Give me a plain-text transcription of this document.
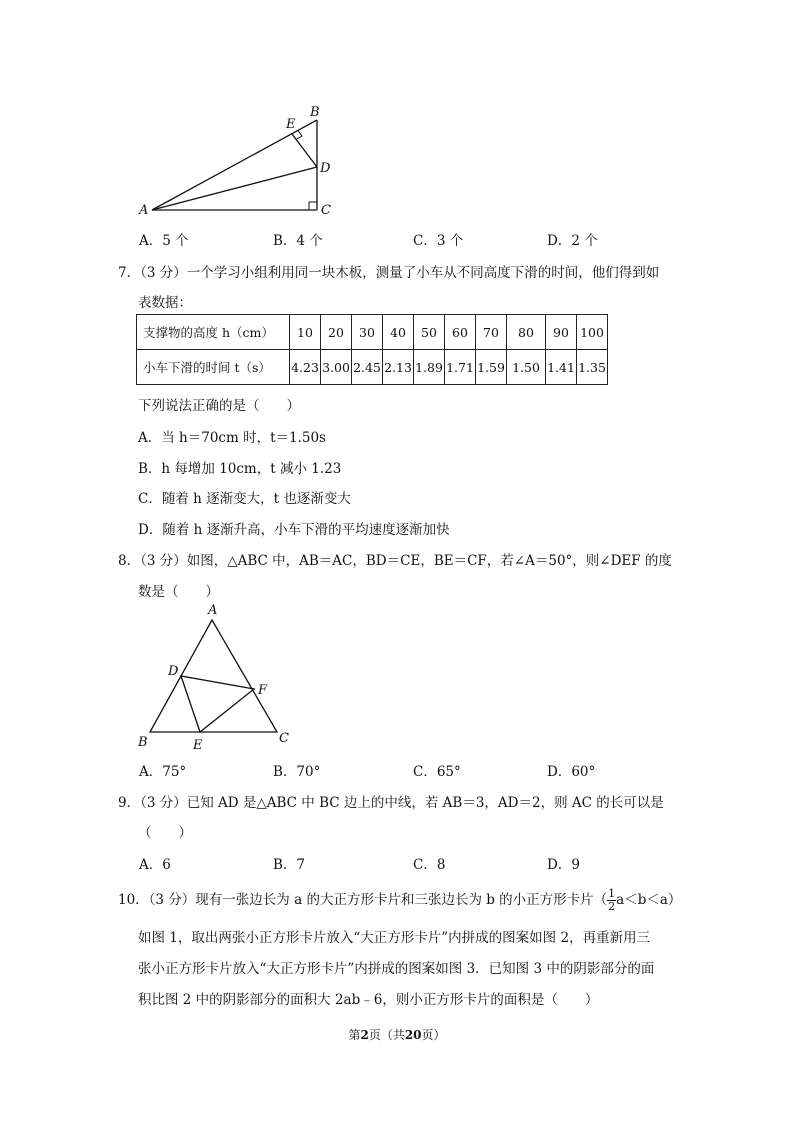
A
B
C
D
E
A．5 个	B．4 个	C．3 个	D．2 个
7．（3 分）一个学习小组利用同一块木板，测量了小车从不同高度下滑的时间，他们得到如
表数据：
支撑物的高度 h（cm）	10	20	30	40	50	60	70	80	90	100
小车下滑的时间 t（s）	4.23	3.00	2.45	2.13	1.89	1.71	1.59	1.50	1.41	1.35
下列说法正确的是（　　）
A．当 h＝70cm 时，t＝1.50s
B．h 每增加 10cm，t 减小 1.23
C．随着 h 逐渐变大，t 也逐渐变大
D．随着 h 逐渐升高，小车下滑的平均速度逐渐加快
8．（3 分）如图，△ABC 中，AB＝AC，BD＝CE，BE＝CF，若∠A＝50°，则∠DEF 的度
数是（　　）
A
B	C
D
E
F
A．75°	B．70°	C．65°	D．60°
9．（3 分）已知 AD 是△ABC 中 BC 边上的中线，若 AB＝3，AD＝2，则 AC 的长可以是
（　　）
A．6	B．7	C．8	D．9
10．（3 分）现有一张边长为 a 的大正方形卡片和三张边长为 b 的小正方形卡片（ $\frac{1}{2} a<b<a$）
如图 1，取出两张小正方形卡片放入“大正方形卡片”内拼成的图案如图 2，再重新用三
张小正方形卡片放入“大正方形卡片”内拼成的图案如图 3．已知图 3 中的阴影部分的面
积比图 2 中的阴影部分的面积大 2ab﹣6，则小正方形卡片的面积是（　　）
第2页（共20页）
